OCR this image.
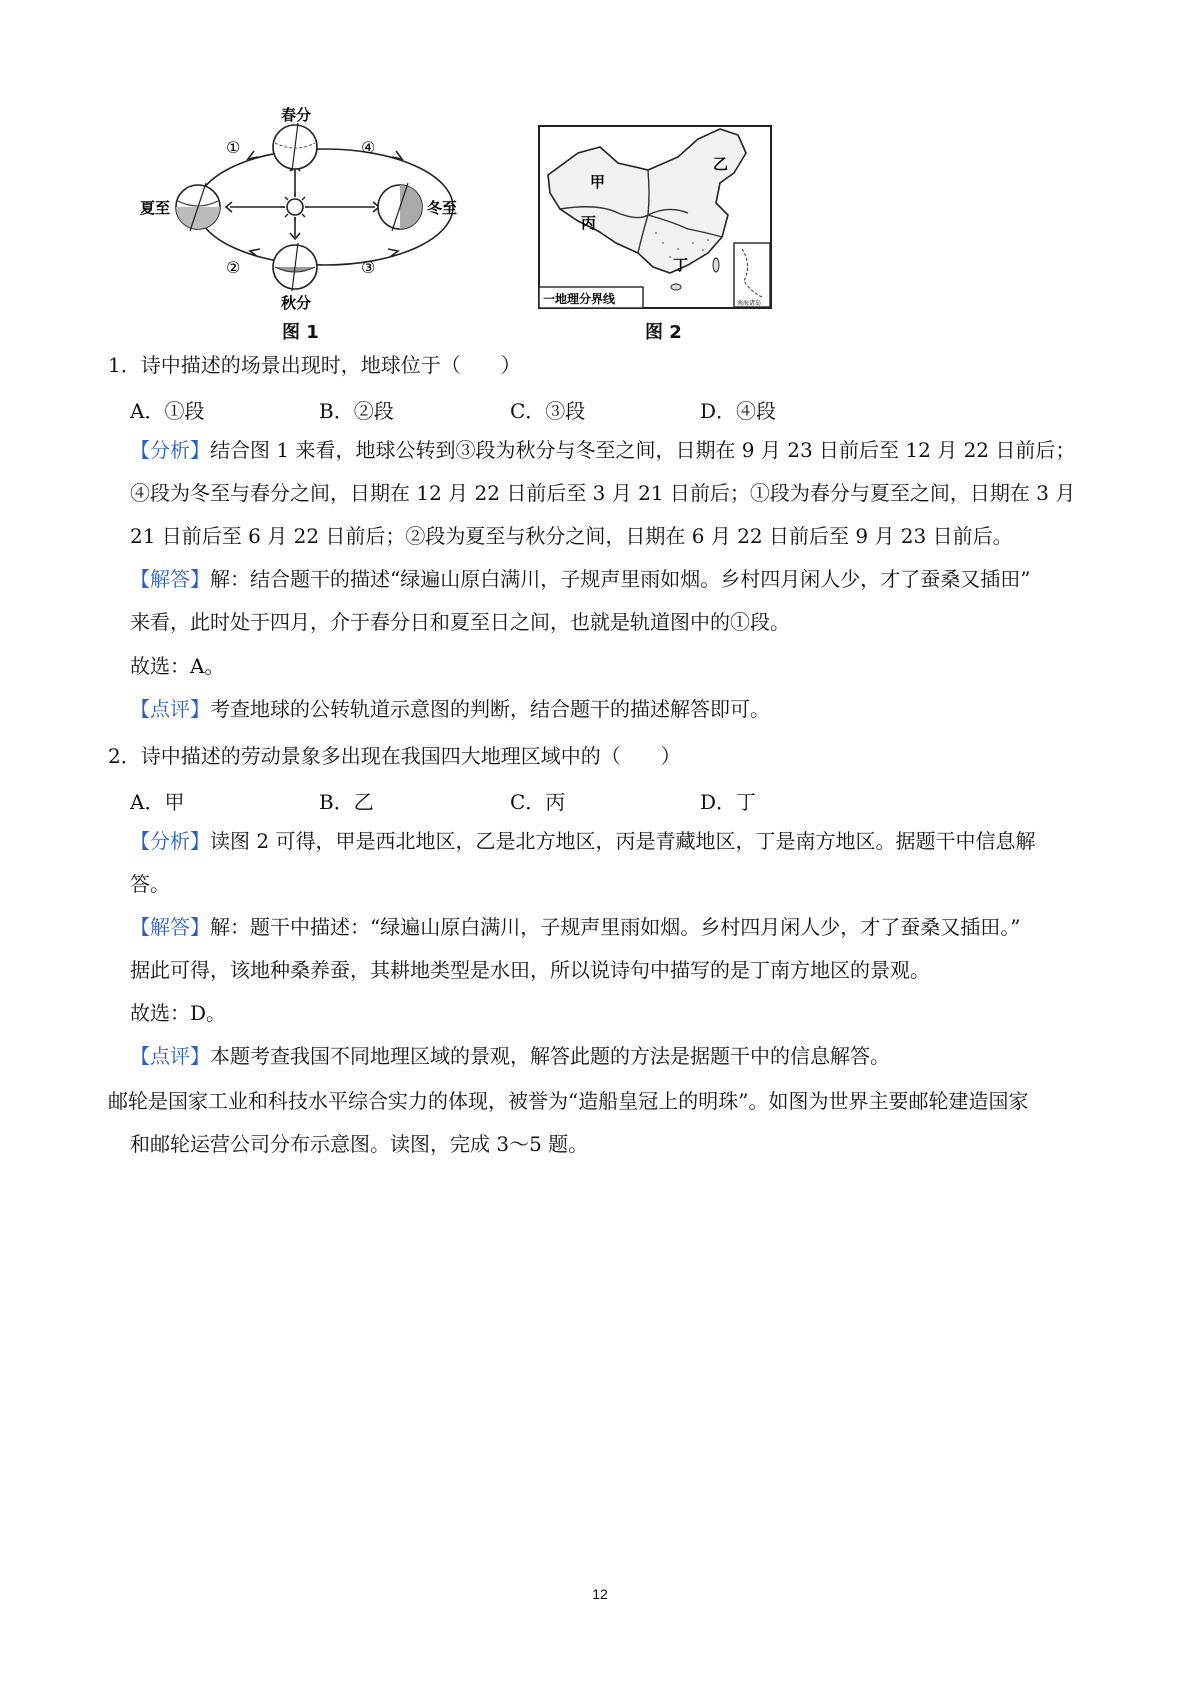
春分
夏至
秋分
冬至
①
②	③
④
图 1
南海诸岛
一地理分界线
甲
乙
丙
丁
图 2
1．诗中描述的场景出现时，地球位于（　　）
A．①段	B．②段	C．③段	D．④段
【分析】结合图 1 来看，地球公转到③段为秋分与冬至之间，日期在 9 月 23 日前后至 12 月 22 日前后；
④段为冬至与春分之间，日期在 12 月 22 日前后至 3 月 21 日前后；①段为春分与夏至之间，日期在 3 月
21 日前后至 6 月 22 日前后；②段为夏至与秋分之间，日期在 6 月 22 日前后至 9 月 23 日前后。
【解答】解：结合题干的描述“绿遍山原白满川，子规声里雨如烟。乡村四月闲人少，才了蚕桑又插田”
来看，此时处于四月，介于春分日和夏至日之间，也就是轨道图中的①段。
故选：A。
【点评】考查地球的公转轨道示意图的判断，结合题干的描述解答即可。
2．诗中描述的劳动景象多出现在我国四大地理区域中的（　　）
A．甲	B．乙	C．丙	D．丁
【分析】读图 2 可得，甲是西北地区，乙是北方地区，丙是青藏地区，丁是南方地区。据题干中信息解
答。
【解答】解：题干中描述：“绿遍山原白满川，子规声里雨如烟。乡村四月闲人少，才了蚕桑又插田。”
据此可得，该地种桑养蚕，其耕地类型是水田，所以说诗句中描写的是丁南方地区的景观。
故选：D。
【点评】本题考查我国不同地理区域的景观，解答此题的方法是据题干中的信息解答。
邮轮是国家工业和科技水平综合实力的体现，被誉为“造船皇冠上的明珠”。如图为世界主要邮轮建造国家
和邮轮运营公司分布示意图。读图，完成 3～5 题。
12
